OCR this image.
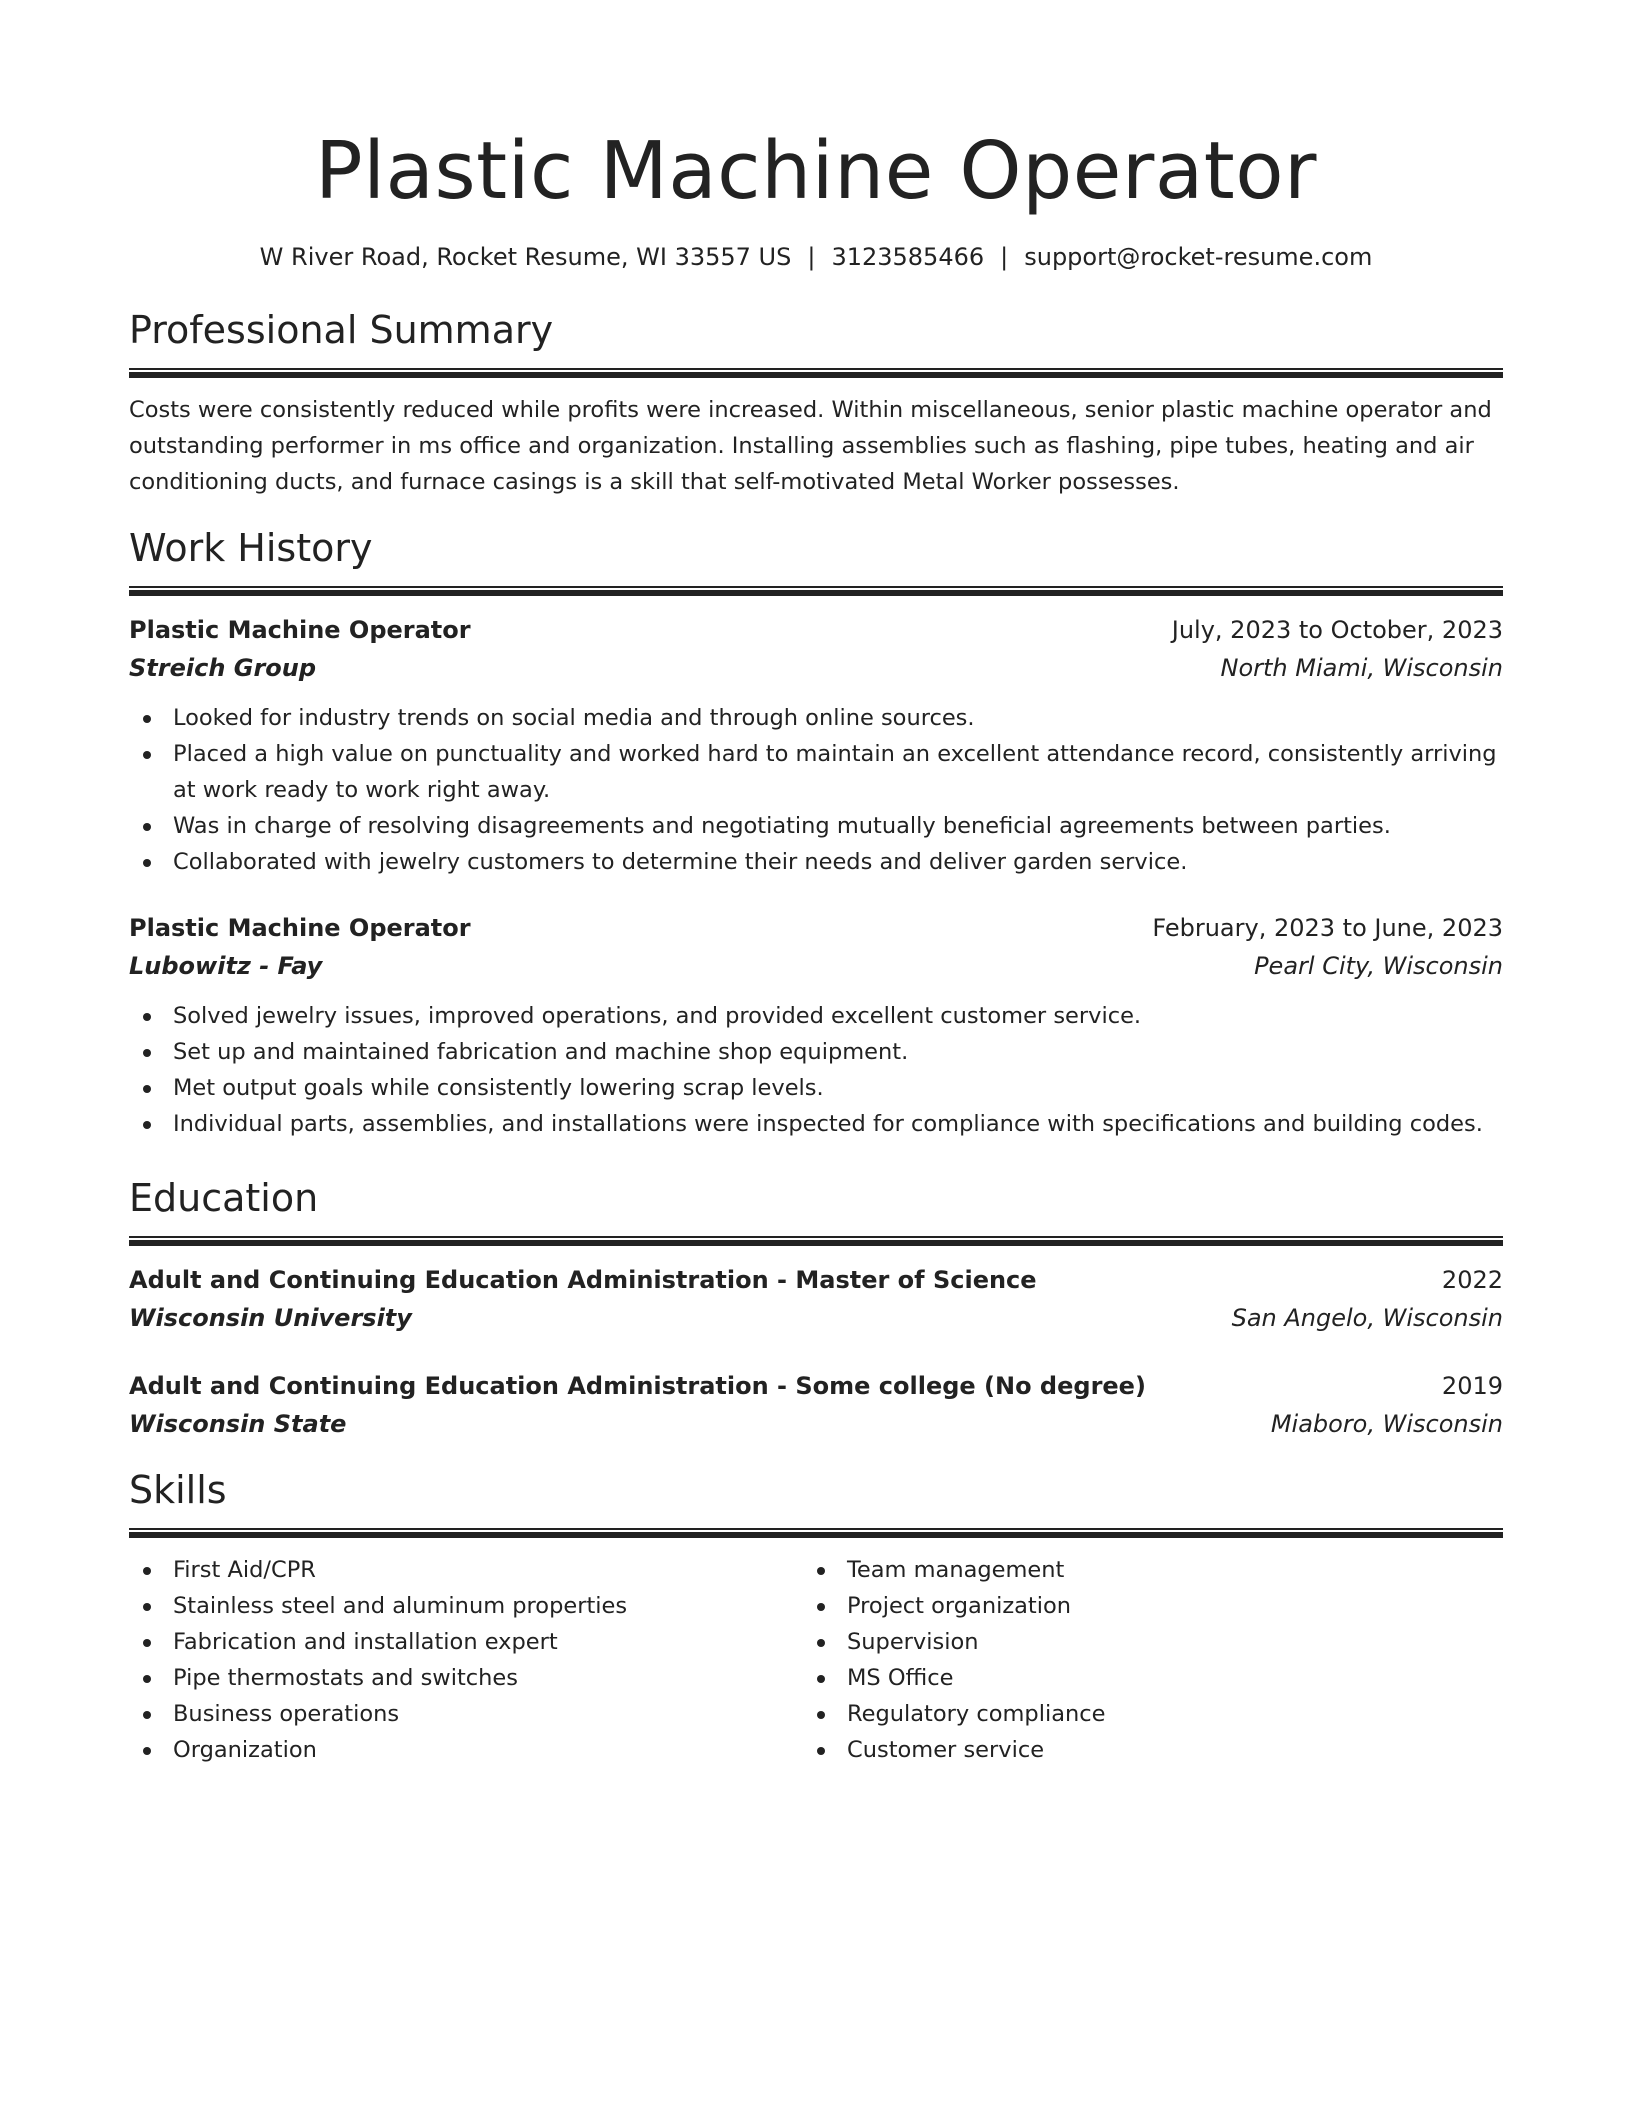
Plastic Machine Operator
W River Road, Rocket Resume, WI 33557 US | 3123585466 | support@rocket-resume.com
Professional Summary

Costs were consistently reduced while profits were increased. Within miscellaneous, senior plastic machine operator and outstanding performer in ms office and organization. Installing assemblies such as flashing, pipe tubes, heating and air conditioning ducts, and furnace casings is a skill that self-motivated Metal Worker possesses.

Work History
Plastic Machine Operator	July, 2023 to October, 2023
Streich Group	North Miami, Wisconsin
Looked for industry trends on social media and through online sources.
Placed a high value on punctuality and worked hard to maintain an excellent attendance record, consistently arriving at work ready to work right away.
Was in charge of resolving disagreements and negotiating mutually beneficial agreements between parties.
Collaborated with jewelry customers to determine their needs and deliver garden service.
Plastic Machine Operator	February, 2023 to June, 2023
Lubowitz - Fay	Pearl City, Wisconsin
Solved jewelry issues, improved operations, and provided excellent customer service.
Set up and maintained fabrication and machine shop equipment.
Met output goals while consistently lowering scrap levels.
Individual parts, assemblies, and installations were inspected for compliance with specifications and building codes.
Education
Adult and Continuing Education Administration - Master of Science	2022
Wisconsin University	San Angelo, Wisconsin
Adult and Continuing Education Administration - Some college (No degree)	2019
Wisconsin State	Miaboro, Wisconsin
Skills
First Aid/CPR
Stainless steel and aluminum properties
Fabrication and installation expert
Pipe thermostats and switches
Business operations
Organization
Team management
Project organization
Supervision
MS Office
Regulatory compliance
Customer service
